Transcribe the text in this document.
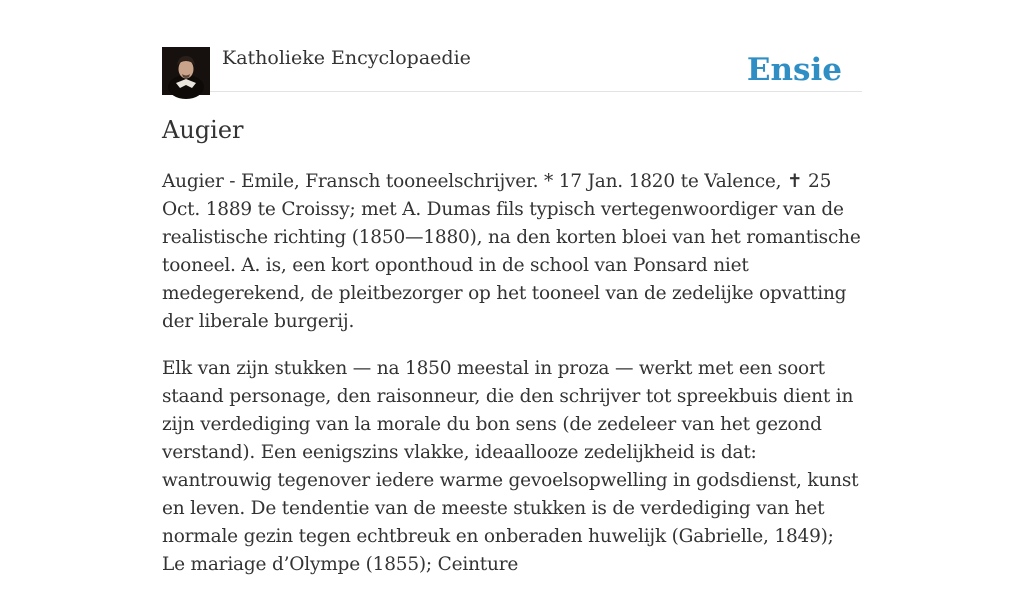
Katholieke Encyclopaedie	Ensie
Augier

Augier - Emile, Fransch tooneelschrijver. * 17 Jan. 1820 te Valence, ✝ 25 Oct. 1889 te Croissy; met A. Dumas fils typisch vertegenwoordiger van de realistische richting (1850—1880), na den korten bloei van het romantische tooneel. A. is, een kort oponthoud in de school van Ponsard niet medegerekend, de pleitbezorger op het tooneel van de zedelijke opvatting der liberale burgerij.

Elk van zijn stukken — na 1850 meestal in proza — werkt met een soort staand personage, den raisonneur, die den schrijver tot spreekbuis dient in zijn verdediging van la morale du bon sens (de zedeleer van het gezond verstand). Een eenigszins vlakke, ideaallooze zedelijkheid is dat: wantrouwig tegenover iedere warme gevoelsopwelling in godsdienst, kunst en leven. De tendentie van de meeste stukken is de verdediging van het normale gezin tegen echtbreuk en onberaden huwelijk (Gabrielle, 1849); Le mariage d’Olympe (1855); Ceinture
